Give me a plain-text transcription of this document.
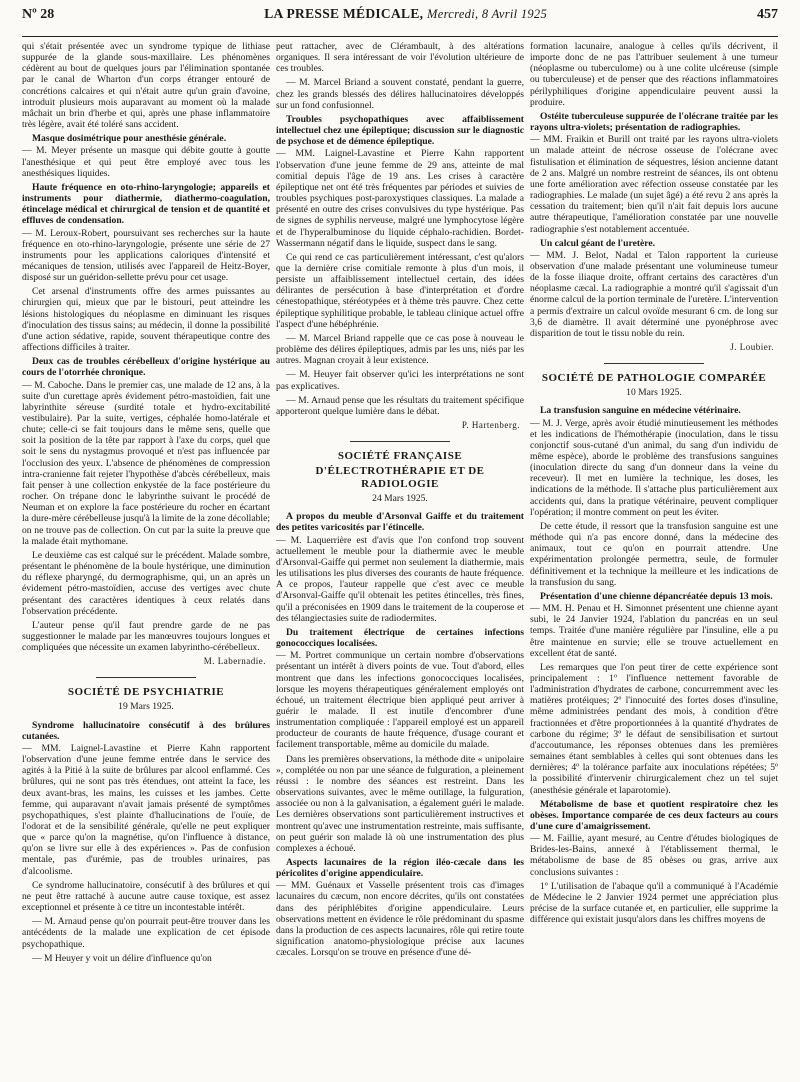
Nº 28	LA PRESSE MÉDICALE, Mercredi, 8 Avril 1925	457

qui s'était présentée avec un syndrome typique de lithiase suppurée de la glande sous-maxillaire. Les phénomènes cédèrent au bout de quelques jours par l'élimination spontanée par le canal de Wharton d'un corps étranger entouré de concrétions calcaires et qui n'était autre qu'un grain d'avoine, introduit plusieurs mois auparavant au moment où la malade mâchait un brin d'herbe et qui, après une phase inflammatoire très légère, avait été toléré sans accident.

Masque dosimétrique pour anesthésie générale.

— M. Meyer présente un masque qui débite goutte à goutte l'anesthésique et qui peut être employé avec tous les anesthésiques liquides.

Haute fréquence en oto-rhino-laryngologie; appareils et instruments pour diathermie, diathermo-coagulation, étincelage médical et chirurgical de tension et de quantité et effluves de condensation.

— M. Leroux-Robert, poursuivant ses recherches sur la haute fréquence en oto-rhino-laryngologie, présente une série de 27 instruments pour les applications caloriques d'intensité et mécaniques de tension, utilisés avec l'appareil de Heitz-Boyer, disposé sur un guéridon-sellette prévu pour cet usage.

Cet arsenal d'instruments offre des armes puissantes au chirurgien qui, mieux que par le bistouri, peut atteindre les lésions histologiques du néoplasme en diminuant les risques d'inoculation des tissus sains; au médecin, il donne la possibilité d'une action sédative, rapide, souvent thérapeutique contre des affections difficiles à traiter.

Deux cas de troubles cérébelleux d'origine hystérique au cours de l'otorrhée chronique.

— M. Caboche. Dans le premier cas, une malade de 12 ans, à la suite d'un curettage après évidement pétro-mastoïdien, fait une labyrinthite séreuse (surdité totale et hydro-excitabilité vestibulaire). Par la suite, vertiges, céphalée homo-latérale et chute; celle-ci se fait toujours dans le même sens, quelle que soit la position de la tête par rapport à l'axe du corps, quel que soit le sens du nystagmus provoqué et n'est pas influencée par l'occlusion des yeux. L'absence de phénomènes de compression intra-cranienne fait rejeter l'hypothèse d'abcès cérébelleux, mais fait penser à une collection enkystée de la face postérieure du rocher. On trépane donc le labyrinthe suivant le procédé de Neuman et on explore la face postérieure du rocher en écartant la dure-mère cérébelleuse jusqu'à la limite de la zone décollable; on ne trouve pas de collection. On cut par la suite la preuve que la malade était mythomane.

Le deuxième cas est calqué sur le précédent. Malade sombre, présentant le phénomène de la boule hystérique, une diminution du réflexe pharyngé, du dermographisme, qui, un an après un évidement pétro-mastoïdien, accuse des vertiges avec chute présentant des caractères identiques à ceux relatés dans l'observation précédente.

L'auteur pense qu'il faut prendre garde de ne pas suggestionner le malade par les manœuvres toujours longues et compliquées que nécessite un examen labyrintho-cérébelleux.

M. Labernadie.
SOCIÉTÉ DE PSYCHIATRIE
19 Mars 1925.

Syndrome hallucinatoire consécutif à des brûlures cutanées.

— MM. Laignel-Lavastine et Pierre Kahn rapportent l'observation d'une jeune femme entrée dans le service des agités à la Pitié à la suite de brûlures par alcool enflammé. Ces brûlures, qui ne sont pas très étendues, ont atteint la face, les deux avant-bras, les mains, les cuisses et les jambes. Cette femme, qui auparavant n'avait jamais présenté de symptômes psychopathiques, s'est plainte d'hallucinations de l'ouïe, de l'odorat et de la sensibilité générale, qu'elle ne peut expliquer que « parce qu'on la magnétise, qu'on l'influence à distance, qu'on se livre sur elle à des expériences ». Pas de confusion mentale, pas d'urémie, pas de troubles urinaires, pas d'alcoolisme.

Ce syndrome hallucinatoire, consécutif à des brûlures et qui ne peut être rattaché à aucune autre cause toxique, est assez exceptionnel et présente à ce titre un incontestable intérêt.

— M. Arnaud pense qu'on pourrait peut-être trouver dans les antécédents de la malade une explication de cet épisode psychopathique.

— M Heuyer y voit un délire d'influence qu'on

peut rattacher, avec de Clérambault, à des altérations organiques. Il sera intéressant de voir l'évolution ultérieure de ces troubles.

— M. Marcel Briand a souvent constaté, pendant la guerre, chez les grands blessés des délires hallucinatoires développés sur un fond confusionnel.

Troubles psychopathiques avec affaiblissement intellectuel chez une épileptique; discussion sur le diagnostic de psychose et de démence épileptique.

— MM. Laignel-Lavastine et Pierre Kahn rapportent l'observation d'une jeune femme de 29 ans, atteinte de mal comitial depuis l'âge de 19 ans. Les crises à caractère épileptique net ont été très fréquentes par périodes et suivies de troubles psychiques post-paroxystiques classiques. La malade a présenté en outre des crises convulsives du type hystérique. Pas de signes de syphilis nerveuse, malgré une lymphocytose légère et de l'hyperalbuminose du liquide céphalo-rachidien. Bordet-Wassermann négatif dans le liquide, suspect dans le sang.

Ce qui rend ce cas particulièrement intéressant, c'est qu'alors que la dernière crise comitiale remonte à plus d'un mois, il persiste un affaiblissement intellectuel certain, des idées délirantes de persécution à base d'interprétation et d'ordre cénestopathique, stéréotypées et à thème très pauvre. Chez cette épileptique syphilitique probable, le tableau clinique actuel offre l'aspect d'une hébéphrénie.

— M. Marcel Briand rappelle que ce cas pose à nouveau le problème des délires épileptiques, admis par les uns, niés par les autres. Magnan croyait à leur existence.

— M. Heuyer fait observer qu'ici les interprétations ne sont pas explicatives.

— M. Arnaud pense que les résultats du traitement spécifique apporteront quelque lumière dans le débat.

P. Hartenberg.
SOCIÉTÉ FRANÇAISE
D'ÉLECTROTHÉRAPIE ET DE RADIOLOGIE
24 Mars 1925.

A propos du meuble d'Arsonval Gaiffe et du traitement des petites varicosités par l'étincelle.

— M. Laquerrière est d'avis que l'on confond trop souvent actuellement le meuble pour la diathermie avec le meuble d'Arsonval-Gaiffe qui permet non seulement la diathermie, mais les utilisations les plus diverses des courants de haute fréquence. A ce propos, l'auteur rappelle que c'est avec ce meuble d'Arsonval-Gaiffe qu'il obtenait les petites étincelles, très fines, qu'il a préconisées en 1909 dans le traitement de la couperose et des télangiectasies suite de radiodermites.

Du traitement électrique de certaines infections gonococciques localisées.

— M. Portret communique un certain nombre d'observations présentant un intérêt à divers points de vue. Tout d'abord, elles montrent que dans les infections gonococciques localisées, lorsque les moyens thérapeutiques généralement employés ont échoué, un traitement électrique bien appliqué peut arriver à guérir le malade. Il est inutile d'encombrer d'une instrumentation compliquée : l'appareil employé est un appareil producteur de courants de haute fréquence, d'usage courant et facilement transportable, même au domicile du malade.

Dans les premières observations, la méthode dite « unipolaire », complétée ou non par une séance de fulguration, a pleinement réussi : le nombre des séances est restreint. Dans les observations suivantes, avec le même outillage, la fulguration, associée ou non à la galvanisation, a également guéri le malade. Les dernières observations sont particulièrement instructives et montrent qu'avec une instrumentation restreinte, mais suffisante, on peut guérir son malade là où une instrumentation des plus complexes a échoué.

Aspects lacunaires de la région iléo-cæcale dans les péricolites d'origine appendiculaire.

— MM. Guénaux et Vasselle présentent trois cas d'images lacunaires du cæcum, non encore décrites, qu'ils ont constatées dans des périphlébites d'origine appendiculaire. Leurs observations mettent en évidence le rôle prédominant du spasme dans la production de ces aspects lacunaires, rôle qui retire toute signification anatomo-physiologique précise aux lacunes cæcales. Lorsqu'on se trouve en présence d'une dé-

formation lacunaire, analogue à celles qu'ils décrivent, il importe donc de ne pas l'attribuer seulement à une tumeur (néoplasme ou tuberculome) ou à une colite ulcéreuse (simple ou tuberculeuse) et de penser que des réactions inflammatoires périlyphiliques d'origine appendiculaire peuvent aussi la produire.

Ostéite tuberculeuse suppurée de l'olécrane traitée par les rayons ultra-violets; présentation de radiographies.

— MM. Fraikin et Burill ont traité par les rayons ultra-violets un malade atteint de nécrose osseuse de l'olécrane avec fistulisation et élimination de séquestres, lésion ancienne datant de 2 ans. Malgré un nombre restreint de séances, ils ont obtenu une forte amélioration avec réfection osseuse constatée par les radiographies. Le malade (un sujet âgé) a été revu 2 ans après la cessation du traitement; bien qu'il n'ait fait depuis lors aucune autre thérapeutique, l'amélioration constatée par une nouvelle radiographie s'est notablement accentuée.

Un calcul géant de l'uretère.

— MM. J. Belot, Nadal et Talon rapportent la curieuse observation d'une malade présentant une volumineuse tumeur de la fosse iliaque droite, offrant certains des caractères d'un néoplasme cæcal. La radiographie a montré qu'il s'agissait d'un énorme calcul de la portion terminale de l'uretère. L'intervention a permis d'extraire un calcul ovoïde mesurant 6 cm. de long sur 3,6 de diamètre. Il avait déterminé une pyonéphrose avec disparition de tout le tissu noble du rein.

J. Loubier.
SOCIÉTÉ DE PATHOLOGIE COMPARÉE
10 Mars 1925.

La transfusion sanguine en médecine vétérinaire.

— M. J. Verge, après avoir étudié minutieusement les méthodes et les indications de l'hémothérapie (inoculation, dans le tissu conjonctif sous-cutané d'un animal, du sang d'un individu de même espèce), aborde le problème des transfusions sanguines (inoculation directe du sang d'un donneur dans la veine du receveur). Il met en lumière la technique, les doses, les indications de la méthode. Il s'attache plus particulièrement aux accidents qui, dans la pratique vétérinaire, peuvent compliquer l'opération; il montre comment on peut les éviter.

De cette étude, il ressort que la transfusion sanguine est une méthode qui n'a pas encore donné, dans la médecine des animaux, tout ce qu'on en pourrait attendre. Une expérimentation prolongée permettra, seule, de formuler définitivement et la technique la meilleure et les indications de la transfusion du sang.

Présentation d'une chienne dépancréatée depuis 13 mois.

— MM. H. Penau et H. Simonnet présentent une chienne ayant subi, le 24 Janvier 1924, l'ablation du pancréas en un seul temps. Traitée d'une manière régulière par l'insuline, elle a pu être maintenue en survie; elle se trouve actuellement en excellent état de santé.

Les remarques que l'on peut tirer de cette expérience sont principalement : 1º l'influence nettement favorable de l'administration d'hydrates de carbone, concurremment avec les matières protéiques; 2º l'innocuité des fortes doses d'insuline, même administrées pendant des mois, à condition d'être fractionnées et d'être proportionnées à la quantité d'hydrates de carbone du régime; 3º le défaut de sensibilisation et surtout d'accoutumance, les réponses obtenues dans les premières semaines étant semblables à celles qui sont obtenues dans les dernières; 4º la tolérance parfaite aux inoculations répétées; 5º la possibilité d'intervenir chirurgicalement chez un tel sujet (anesthésie générale et laparotomie).

Métabolisme de base et quotient respiratoire chez les obèses. Importance comparée de ces deux facteurs au cours d'une cure d'amaigrissement.

— M. Faillie, ayant mesuré, au Centre d'études biologiques de Brides-les-Bains, annexé à l'établissement thermal, le métabolisme de base de 85 obèses ou gras, arrive aux conclusions suivantes :

1º L'utilisation de l'abaque qu'il a communiqué à l'Académie de Médecine le 2 Janvier 1924 permet une appréciation plus précise de la surface cutanée et, en particulier, elle supprime la différence qui existait jusqu'alors dans les chiffres moyens de
